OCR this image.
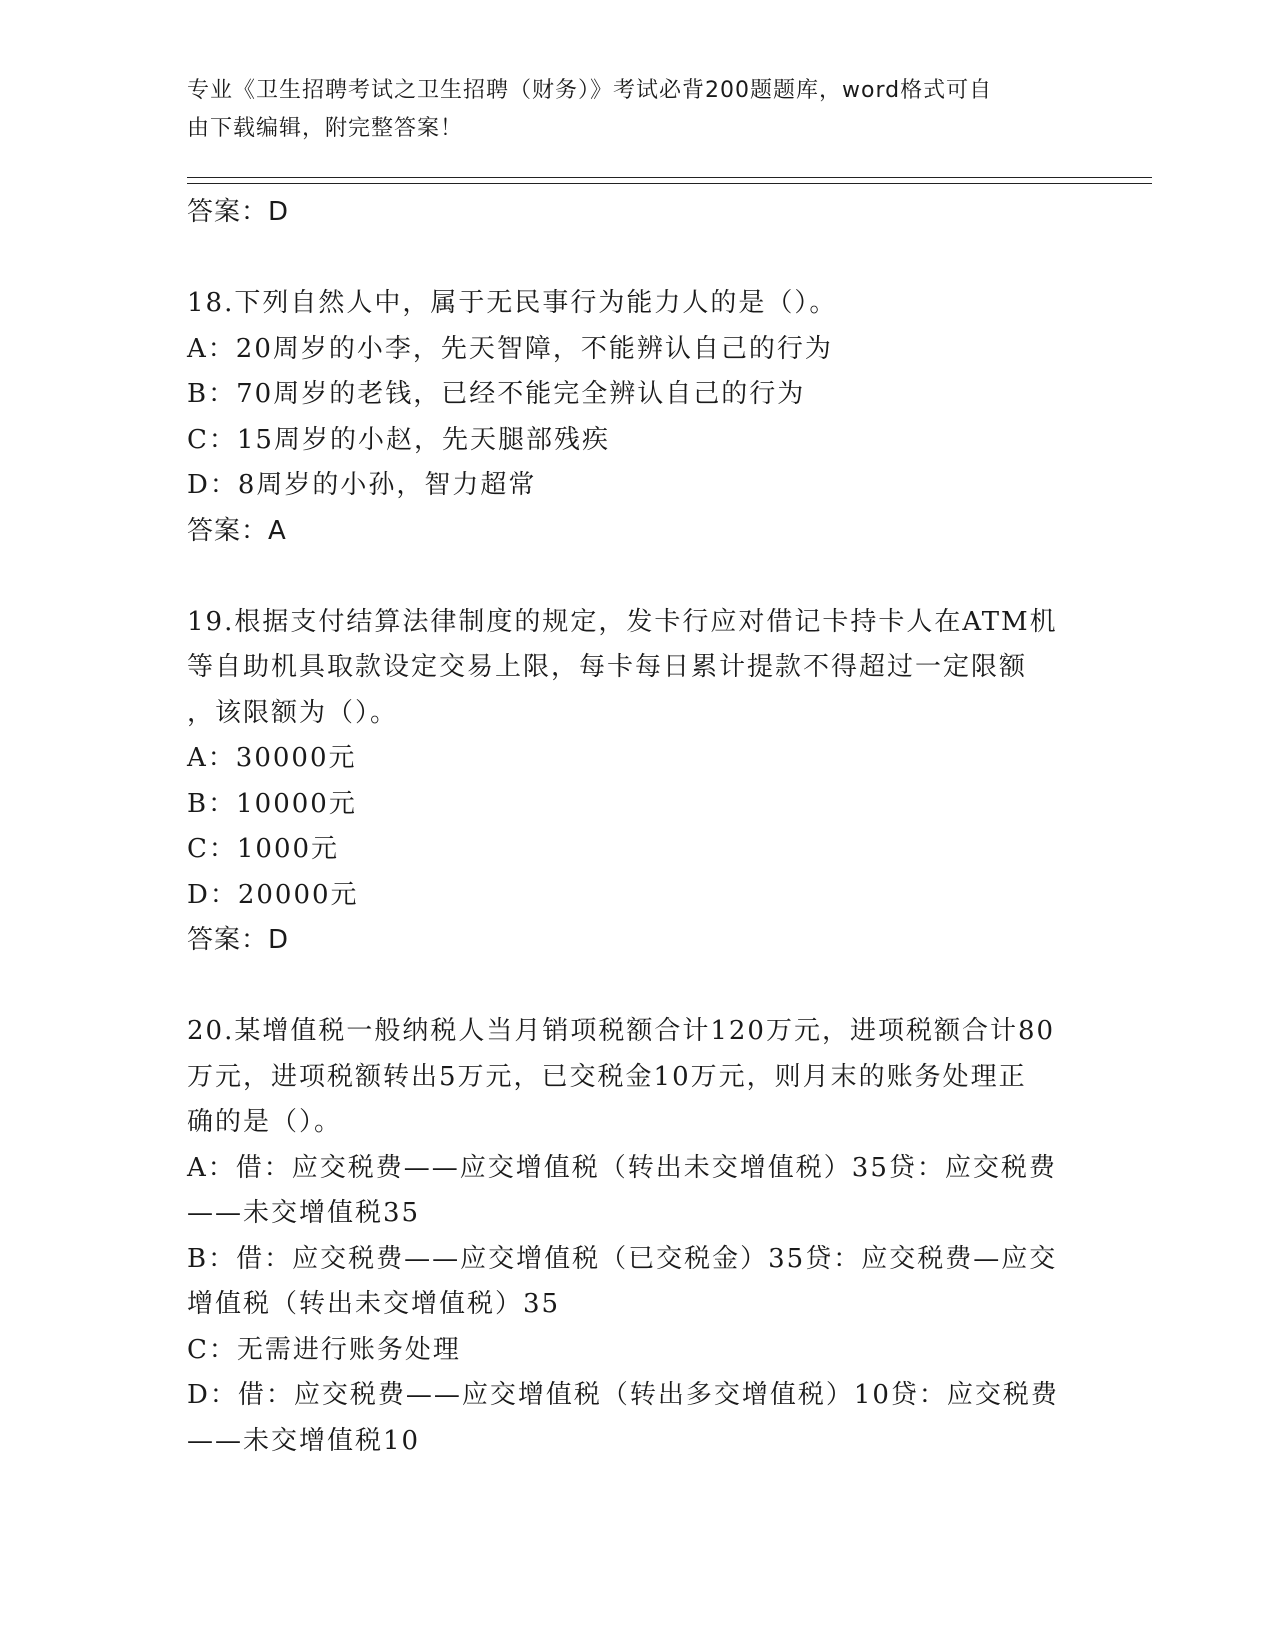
专业《卫生招聘考试之卫生招聘（财务）》考试必背200题题库，word格式可自
由下载编辑，附完整答案！
答案：D
18.下列自然人中，属于无民事行为能力人的是（）。
A：20周岁的小李，先天智障，不能辨认自己的行为
B：70周岁的老钱，已经不能完全辨认自己的行为
C：15周岁的小赵，先天腿部残疾
D：8周岁的小孙，智力超常
答案：A
19.根据支付结算法律制度的规定，发卡行应对借记卡持卡人在ATM机
等自助机具取款设定交易上限，每卡每日累计提款不得超过一定限额
，该限额为（）。
A：30000元
B：10000元
C：1000元
D：20000元
答案：D
20.某增值税一般纳税人当月销项税额合计120万元，进项税额合计80
万元，进项税额转出5万元，已交税金10万元，则月末的账务处理正
确的是（）。
A：借：应交税费——应交增值税（转出未交增值税）35贷：应交税费
——未交增值税35
B：借：应交税费——应交增值税（已交税金）35贷：应交税费—应交
增值税（转出未交增值税）35
C：无需进行账务处理
D：借：应交税费——应交增值税（转出多交增值税）10贷：应交税费
——未交增值税10
